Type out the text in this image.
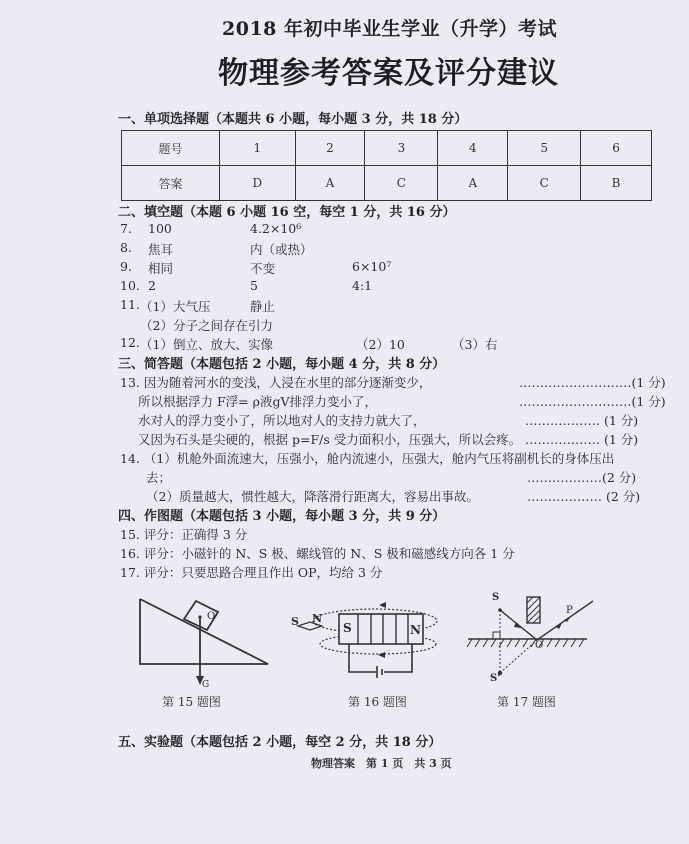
2018 年初中毕业生学业（升学）考试
物理参考答案及评分建议
一、单项选择题（本题共 6 小题，每小题 3 分，共 18 分）
题号	1	2	3	4	5	6
答案	D	A	C	A	C	B
二、填空题（本题 6 小题 16 空，每空 1 分，共 16 分）
7. 100	4.2×10⁶
8. 焦耳	内（或热）
9. 相同	不变	6×10⁷
10. 2	5	4:1
11. （1）大气压	静止
（2）分子之间存在引力
12. （1）倒立、放大、实像	（2）10	（3）右
三、简答题（本题包括 2 小题，每小题 4 分，共 8 分）
13. 因为随着河水的变浅，人浸在水里的部分逐渐变少，	………………………(1 分)
所以根据浮力 F浮= ρ液gV排浮力变小了，	………………………(1 分)
水对人的浮力变小了，所以地对人的支持力就大了，	……………… (1 分)
又因为石头是尖硬的，根据 p=F/s 受力面积小，压强大，所以会疼。 ……………… (1 分)
14. （1）机舱外面流速大，压强小，舱内流速小，压强大，舱内气压将副机长的身体压出
去；	………………(2 分)
（2）质量越大，惯性越大，降落滑行距离大，容易出事故。	……………… (2 分)
四、作图题（本题包括 3 小题，每小题 3 分，共 9 分）
15. 评分：正确得 3 分
16. 评分：小磁针的 N、S 极、螺线管的 N、S 极和磁感线方向各 1 分
17. 评分：只要思路合理且作出 OP，均给 3 分
O
G
第 15 题图
S N
S	N
第 16 题图
S
P
O
S'
第 17 题图
五、实验题（本题包括 2 小题，每空 2 分，共 18 分）
物理答案　第 1 页　共 3 页
